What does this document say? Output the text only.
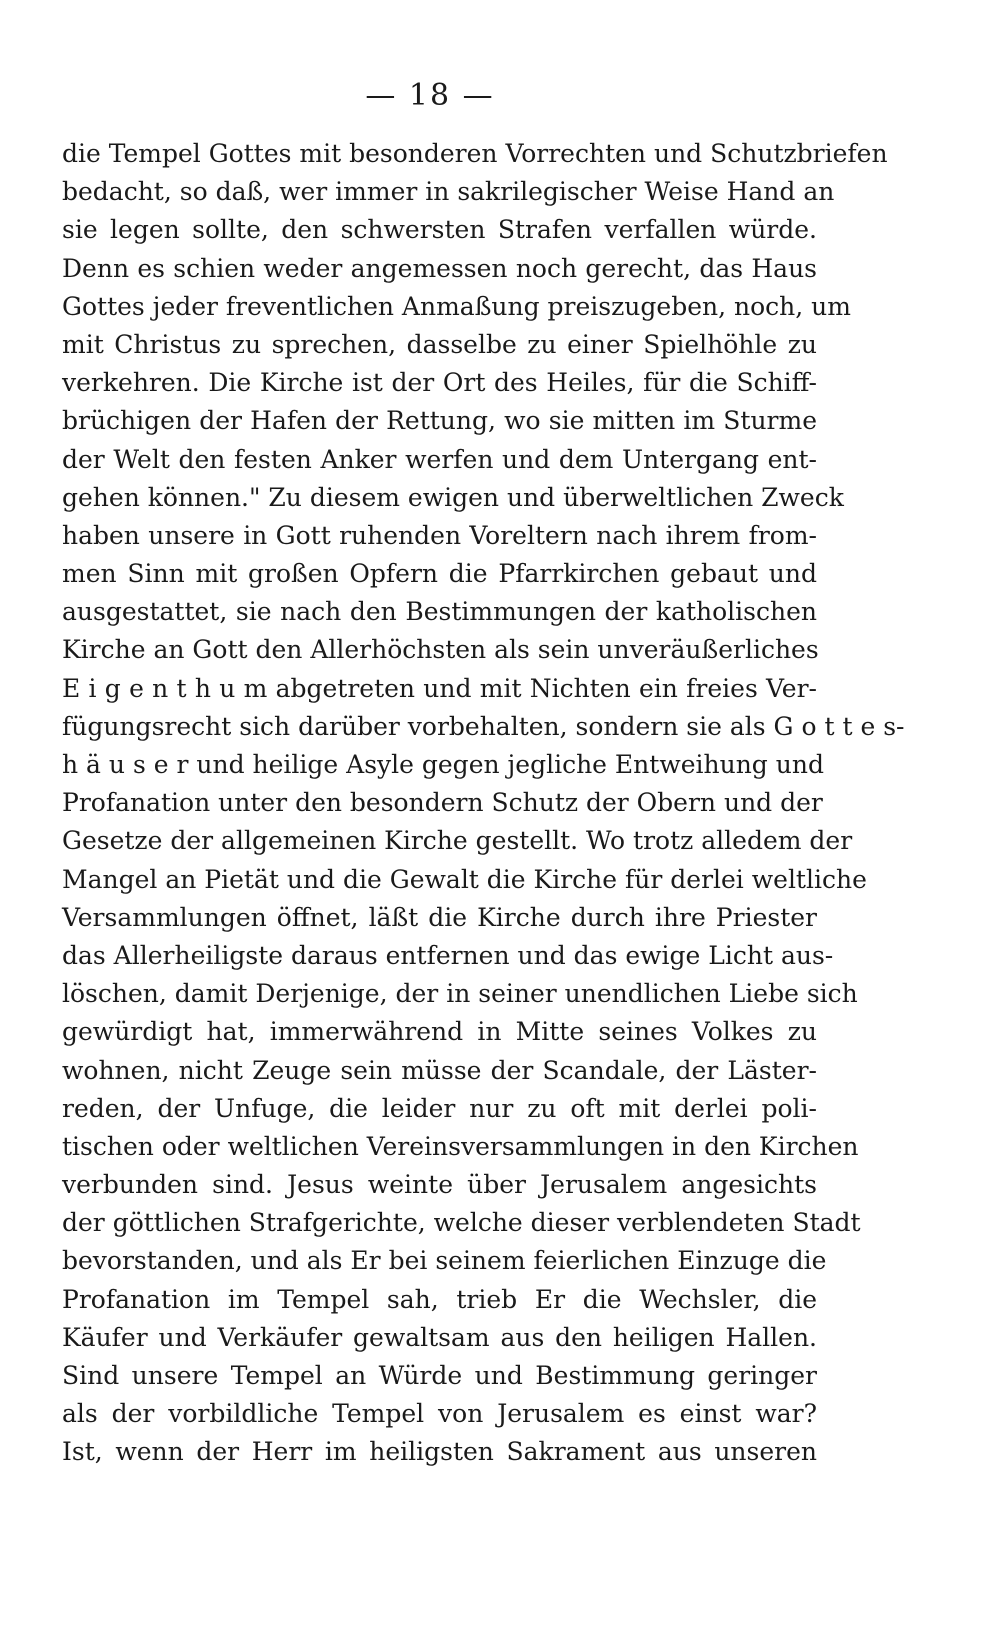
— 18 —
die Tempel Gottes mit besonderen Vorrechten und Schutzbriefen
bedacht, so daß, wer immer in sakrilegischer Weise Hand an
sie legen sollte, den schwersten Strafen verfallen würde.
Denn es schien weder angemessen noch gerecht, das Haus
Gottes jeder freventlichen Anmaßung preiszugeben, noch, um
mit Christus zu sprechen, dasselbe zu einer Spielhöhle zu
verkehren. Die Kirche ist der Ort des Heiles, für die Schiff-
brüchigen der Hafen der Rettung, wo sie mitten im Sturme
der Welt den festen Anker werfen und dem Untergang ent-
gehen können." Zu diesem ewigen und überweltlichen Zweck
haben unsere in Gott ruhenden Voreltern nach ihrem from-
men Sinn mit großen Opfern die Pfarrkirchen gebaut und
ausgestattet, sie nach den Bestimmungen der katholischen
Kirche an Gott den Allerhöchsten als sein unveräußerliches
E i g e n t h u m abgetreten und mit Nichten ein freies Ver-
fügungsrecht sich darüber vorbehalten, sondern sie als G o t t e s-
h ä u s e r und heilige Asyle gegen jegliche Entweihung und
Profanation unter den besondern Schutz der Obern und der
Gesetze der allgemeinen Kirche gestellt. Wo trotz alledem der
Mangel an Pietät und die Gewalt die Kirche für derlei weltliche
Versammlungen öffnet, läßt die Kirche durch ihre Priester
das Allerheiligste daraus entfernen und das ewige Licht aus-
löschen, damit Derjenige, der in seiner unendlichen Liebe sich
gewürdigt hat, immerwährend in Mitte seines Volkes zu
wohnen, nicht Zeuge sein müsse der Scandale, der Läster-
reden, der Unfuge, die leider nur zu oft mit derlei poli-
tischen oder weltlichen Vereinsversammlungen in den Kirchen
verbunden sind. Jesus weinte über Jerusalem angesichts
der göttlichen Strafgerichte, welche dieser verblendeten Stadt
bevorstanden, und als Er bei seinem feierlichen Einzuge die
Profanation im Tempel sah, trieb Er die Wechsler, die
Käufer und Verkäufer gewaltsam aus den heiligen Hallen.
Sind unsere Tempel an Würde und Bestimmung geringer
als der vorbildliche Tempel von Jerusalem es einst war?
Ist, wenn der Herr im heiligsten Sakrament aus unseren
